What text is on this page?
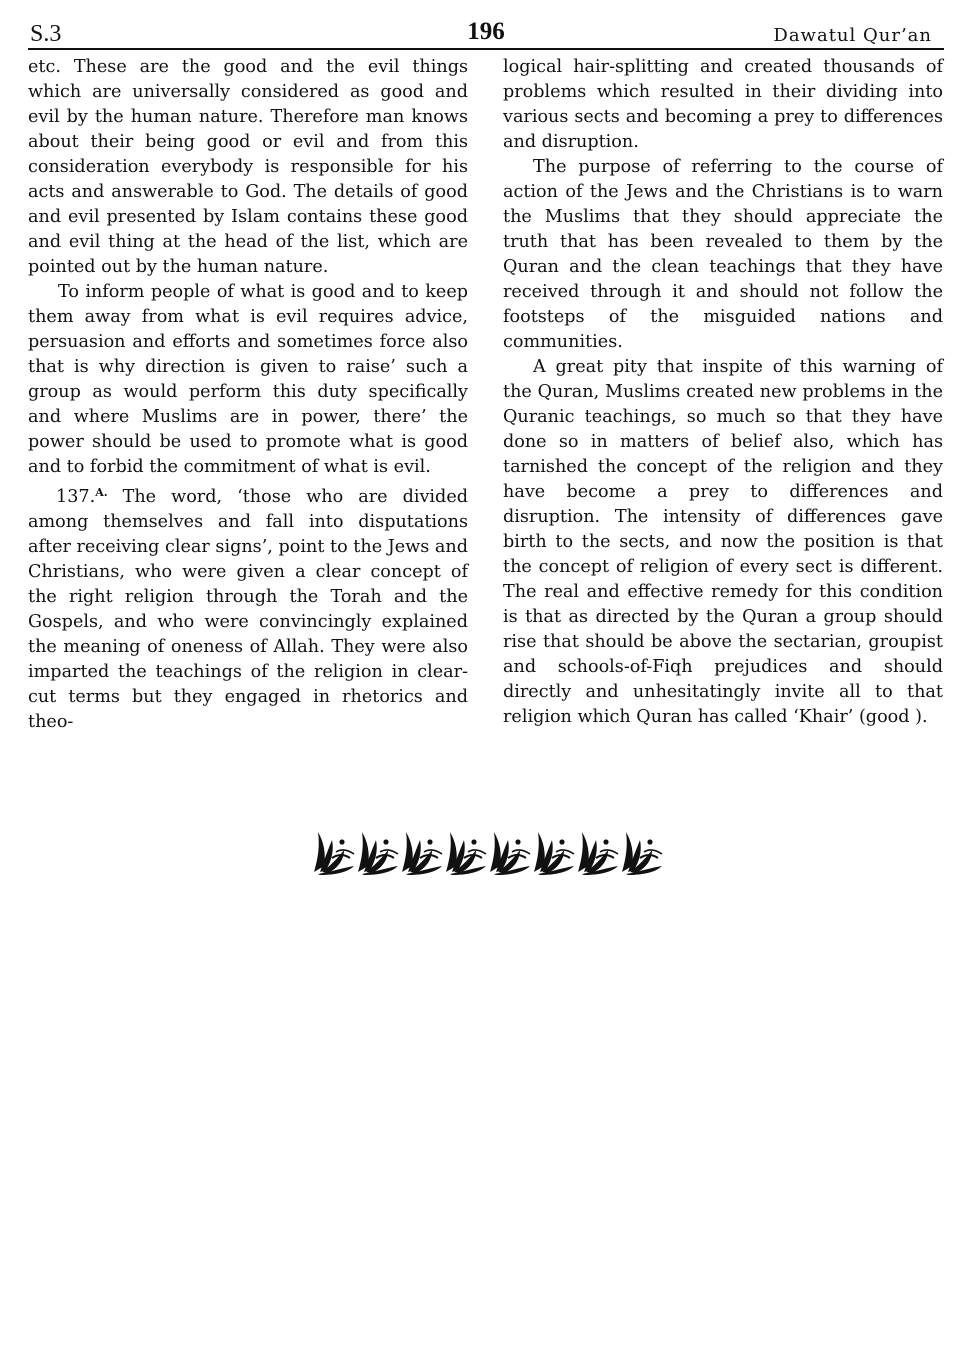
S.3	196	Dawatul Qur’an

etc. These are the good and the evil things which are universally considered as good and evil by the human nature. Therefore man knows about their being good or evil and from this consideration everybody is responsible for his acts and answerable to God. The details of good and evil presented by Islam contains these good and evil thing at the head of the list, which are pointed out by the human nature.

To inform people of what is good and to keep them away from what is evil requires advice, persuasion and efforts and sometimes force also that is why direction is given to raise’ such a group as would perform this duty specifically and where Muslims are in power, there’ the power should be used to promote what is good and to forbid the commitment of what is evil.

137.$^{A.}$ The word, ‘those who are divided among themselves and fall into disputations after receiving clear signs’, point to the Jews and Christians, who were given a clear concept of the right religion through the Torah and the Gospels, and who were convincingly explained the meaning of oneness of Allah. They were also imparted the teachings of the religion in clear-cut terms but they engaged in rhetorics and theo-

logical hair-splitting and created thousands of problems which resulted in their dividing into various sects and becoming a prey to differences and disruption.

The purpose of referring to the course of action of the Jews and the Christians is to warn the Muslims that they should appreciate the truth that has been revealed to them by the Quran and the clean teachings that they have received through it and should not follow the footsteps of the misguided nations and communities.

A great pity that inspite of this warning of the Quran, Muslims created new problems in the Quranic teachings, so much so that they have done so in matters of belief also, which has tarnished the concept of the religion and they have become a prey to differences and disruption. The intensity of differences gave birth to the sects, and now the position is that the concept of religion of every sect is different. The real and effective remedy for this condition is that as directed by the Quran a group should rise that should be above the sectarian, groupist and schools-of-Fiqh prejudices and should directly and unhesitatingly invite all to that religion which Quran has called ‘Khair’ (good ).
